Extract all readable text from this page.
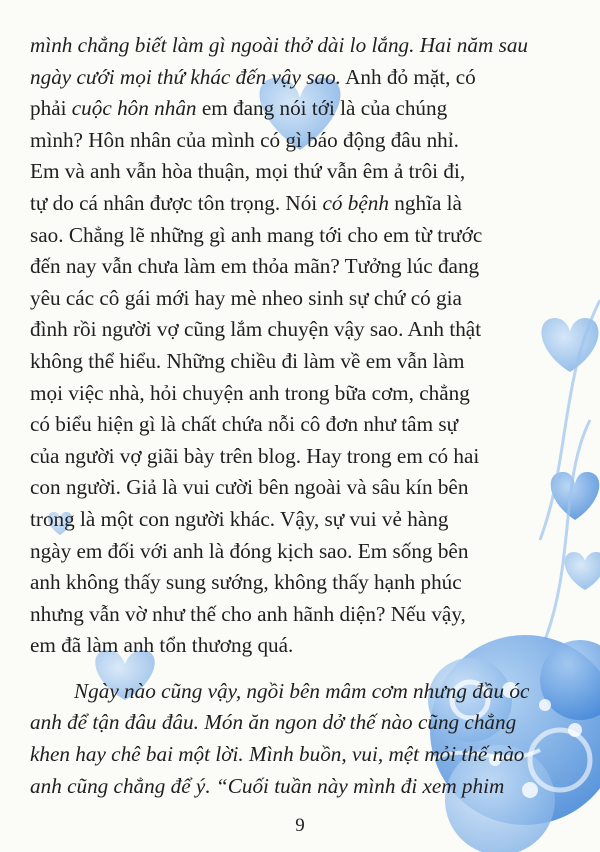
mình chẳng biết làm gì ngoài thở dài lo lắng. Hai năm sau
ngày cưới mọi thứ khác đến vậy sao. Anh đỏ mặt, có
phải cuộc hôn nhân em đang nói tới là của chúng
mình? Hôn nhân của mình có gì báo động đâu nhỉ.
Em và anh vẫn hòa thuận, mọi thứ vẫn êm ả trôi đi,
tự do cá nhân được tôn trọng. Nói có bệnh nghĩa là
sao. Chẳng lẽ những gì anh mang tới cho em từ trước
đến nay vẫn chưa làm em thỏa mãn? Tưởng lúc đang
yêu các cô gái mới hay mè nheo sinh sự chứ có gia
đình rồi người vợ cũng lắm chuyện vậy sao. Anh thật
không thể hiểu. Những chiều đi làm về em vẫn làm
mọi việc nhà, hỏi chuyện anh trong bữa cơm, chẳng
có biểu hiện gì là chất chứa nỗi cô đơn như tâm sự
của người vợ giãi bày trên blog. Hay trong em có hai
con người. Giả là vui cười bên ngoài và sâu kín bên
trong là một con người khác. Vậy, sự vui vẻ hàng
ngày em đối với anh là đóng kịch sao. Em sống bên
anh không thấy sung sướng, không thấy hạnh phúc
nhưng vẫn vờ như thế cho anh hãnh diện? Nếu vậy,
em đã làm anh tổn thương quá.
Ngày nào cũng vậy, ngồi bên mâm cơm nhưng đầu óc
anh để tận đâu đâu. Món ăn ngon dở thế nào cũng chẳng
khen hay chê bai một lời. Mình buồn, vui, mệt mỏi thế nào
anh cũng chẳng để ý. “Cuối tuần này mình đi xem phim
9
